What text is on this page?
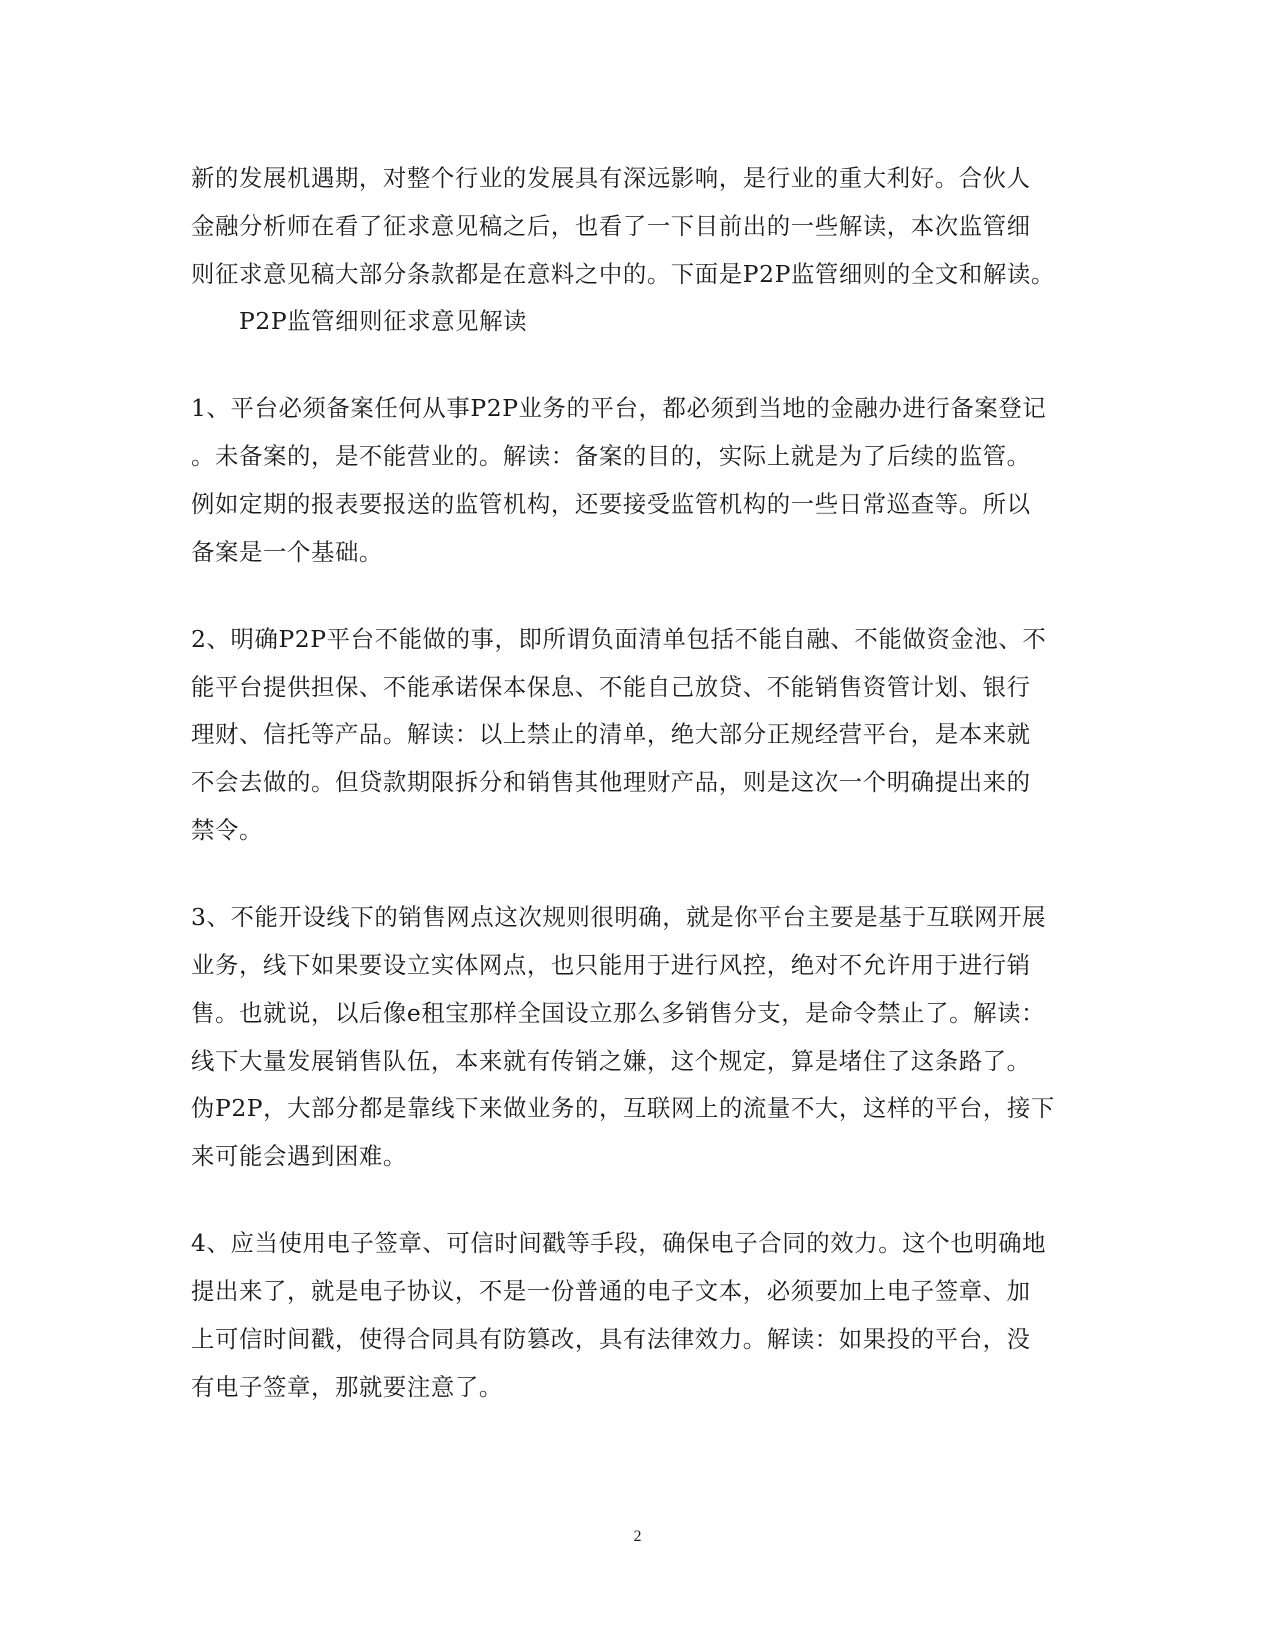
新的发展机遇期，对整个行业的发展具有深远影响，是行业的重大利好。合伙人
金融分析师在看了征求意见稿之后，也看了一下目前出的一些解读，本次监管细
则征求意见稿大部分条款都是在意料之中的。下面是P2P监管细则的全文和解读。
P2P监管细则征求意见解读
1、平台必须备案任何从事P2P业务的平台，都必须到当地的金融办进行备案登记
。未备案的，是不能营业的。解读：备案的目的，实际上就是为了后续的监管。
例如定期的报表要报送的监管机构，还要接受监管机构的一些日常巡查等。所以
备案是一个基础。
2、明确P2P平台不能做的事，即所谓负面清单包括不能自融、不能做资金池、不
能平台提供担保、不能承诺保本保息、不能自己放贷、不能销售资管计划、银行
理财、信托等产品。解读：以上禁止的清单，绝大部分正规经营平台，是本来就
不会去做的。但贷款期限拆分和销售其他理财产品，则是这次一个明确提出来的
禁令。
3、不能开设线下的销售网点这次规则很明确，就是你平台主要是基于互联网开展
业务，线下如果要设立实体网点，也只能用于进行风控，绝对不允许用于进行销
售。也就说，以后像e租宝那样全国设立那么多销售分支，是命令禁止了。解读：
线下大量发展销售队伍，本来就有传销之嫌，这个规定，算是堵住了这条路了。
伪P2P，大部分都是靠线下来做业务的，互联网上的流量不大，这样的平台，接下
来可能会遇到困难。
4、应当使用电子签章、可信时间戳等手段，确保电子合同的效力。这个也明确地
提出来了，就是电子协议，不是一份普通的电子文本，必须要加上电子签章、加
上可信时间戳，使得合同具有防篡改，具有法律效力。解读：如果投的平台，没
有电子签章，那就要注意了。
2
